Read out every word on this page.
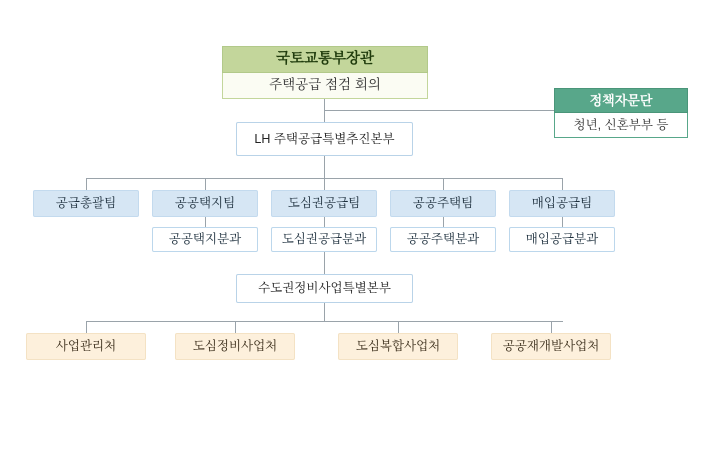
국토교통부장관
주택공급 점검 회의
정책자문단
청년, 신혼부부 등
LH 주택공급특별추진본부
공급총괄팀	공공택지팀	도심권공급팀	공공주택팀	매입공급팀
공공택지분과	도심권공급분과	공공주택분과	매입공급분과
수도권정비사업특별본부
사업관리처	도심정비사업처	도심복합사업처	공공재개발사업처
